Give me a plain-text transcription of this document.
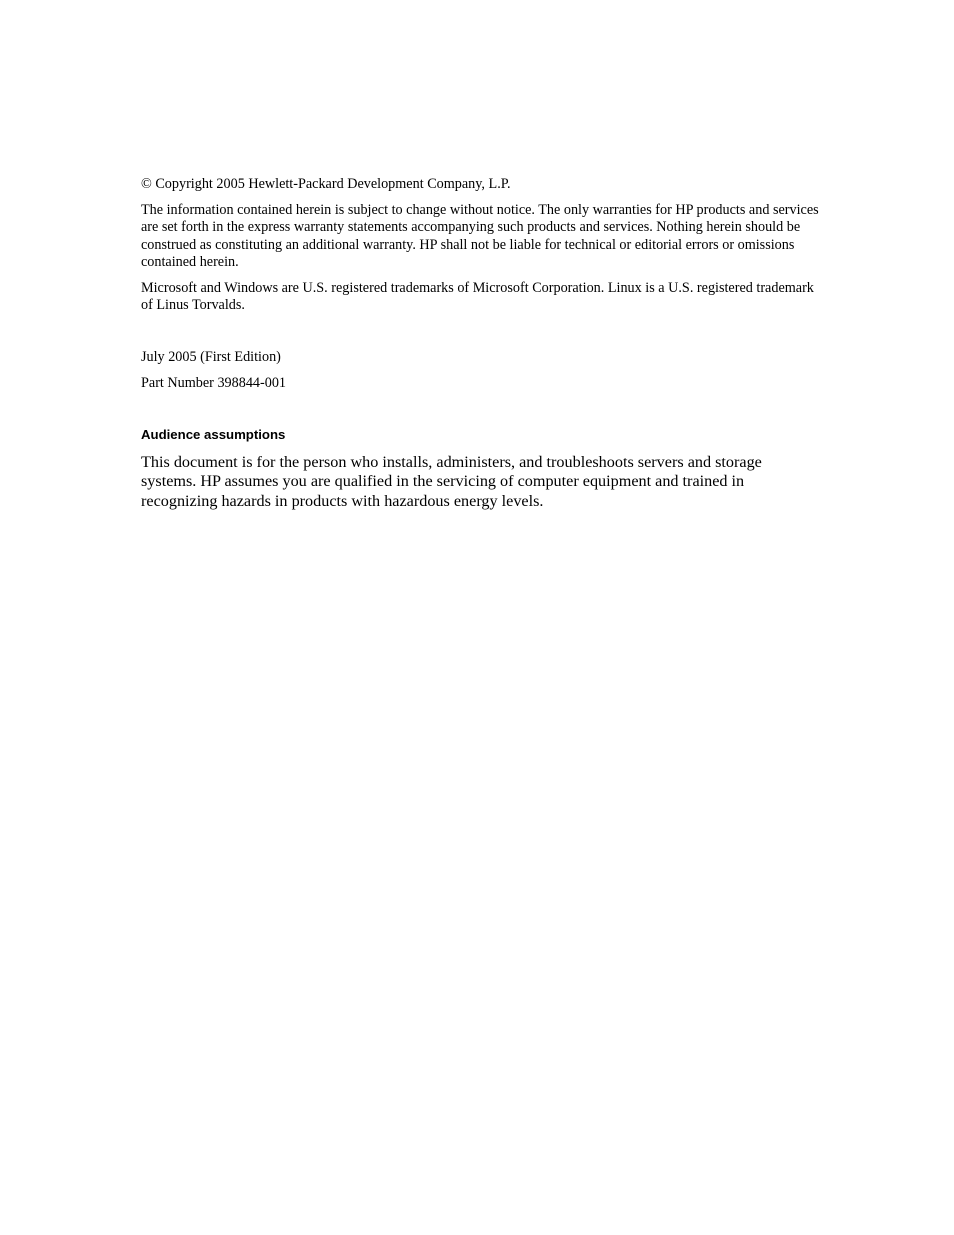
© Copyright 2005 Hewlett-Packard Development Company, L.P.

The information contained herein is subject to change without notice. The only warranties for HP products and services are set forth in the express warranty statements accompanying such products and services. Nothing herein should be construed as constituting an additional warranty. HP shall not be liable for technical or editorial errors or omissions contained herein.

Microsoft and Windows are U.S. registered trademarks of Microsoft Corporation. Linux is a U.S. registered trademark of Linus Torvalds.

July 2005 (First Edition)

Part Number 398844-001

Audience assumptions

This document is for the person who installs, administers, and troubleshoots servers and storage systems. HP assumes you are qualified in the servicing of computer equipment and trained in recognizing hazards in products with hazardous energy levels.
